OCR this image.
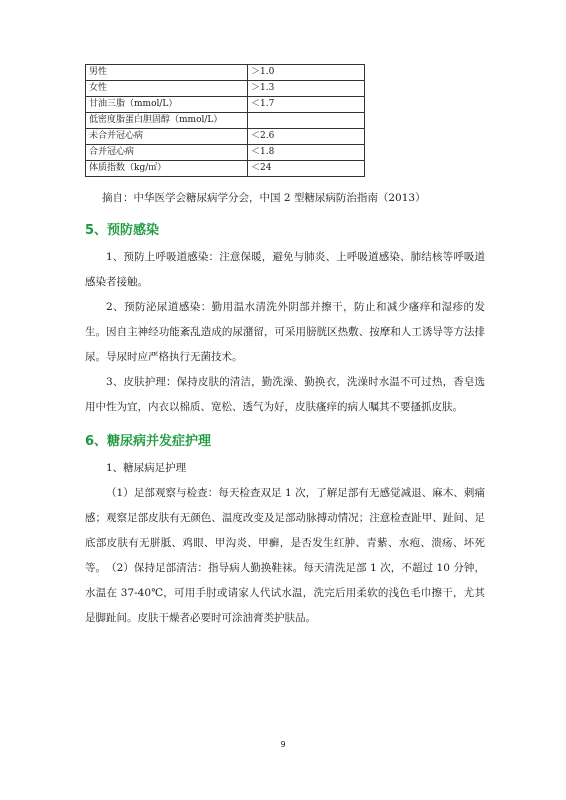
男性	＞1.0
女性	＞1.3
甘油三脂（mmol/L）	＜1.7
低密度脂蛋白胆固醇（mmol/L）	
未合并冠心病	＜2.6
合并冠心病	＜1.8
体质指数（kg/㎡）	＜24
摘自：中华医学会糖尿病学分会，中国 2 型糖尿病防治指南（2013）
5、预防感染

1、预防上呼吸道感染：注意保暖，避免与肺炎、上呼吸道感染、肺结核等呼吸道感染者接触。

2、预防泌尿道感染：勤用温水清洗外阴部并擦干，防止和减少瘙痒和湿疹的发生。因自主神经功能紊乱造成的尿潴留，可采用膀胱区热敷、按摩和人工诱导等方法排尿。导尿时应严格执行无菌技术。

3、皮肤护理：保持皮肤的清洁，勤洗澡、勤换衣，洗澡时水温不可过热，香皂选用中性为宜，内衣以棉质、宽松、透气为好，皮肤瘙痒的病人嘱其不要搔抓皮肤。

6、糖尿病并发症护理

1、糖尿病足护理

（1）足部观察与检查：每天检查双足 1 次，了解足部有无感觉减退、麻木、刺痛感；观察足部皮肤有无颜色、温度改变及足部动脉搏动情况；注意检查趾甲、趾间、足底部皮肤有无胼胝、鸡眼、甲沟炎、甲癣，是否发生红肿、青紫、水疱、溃疡、坏死等。 （2）保持足部清洁：指导病人勤换鞋袜。每天清洗足部 1 次，不超过 10 分钟，水温在 37-40℃，可用手肘或请家人代试水温，洗完后用柔软的浅色毛巾擦干，尤其是脚趾间。皮肤干燥者必要时可涂油膏类护肤品。

9
